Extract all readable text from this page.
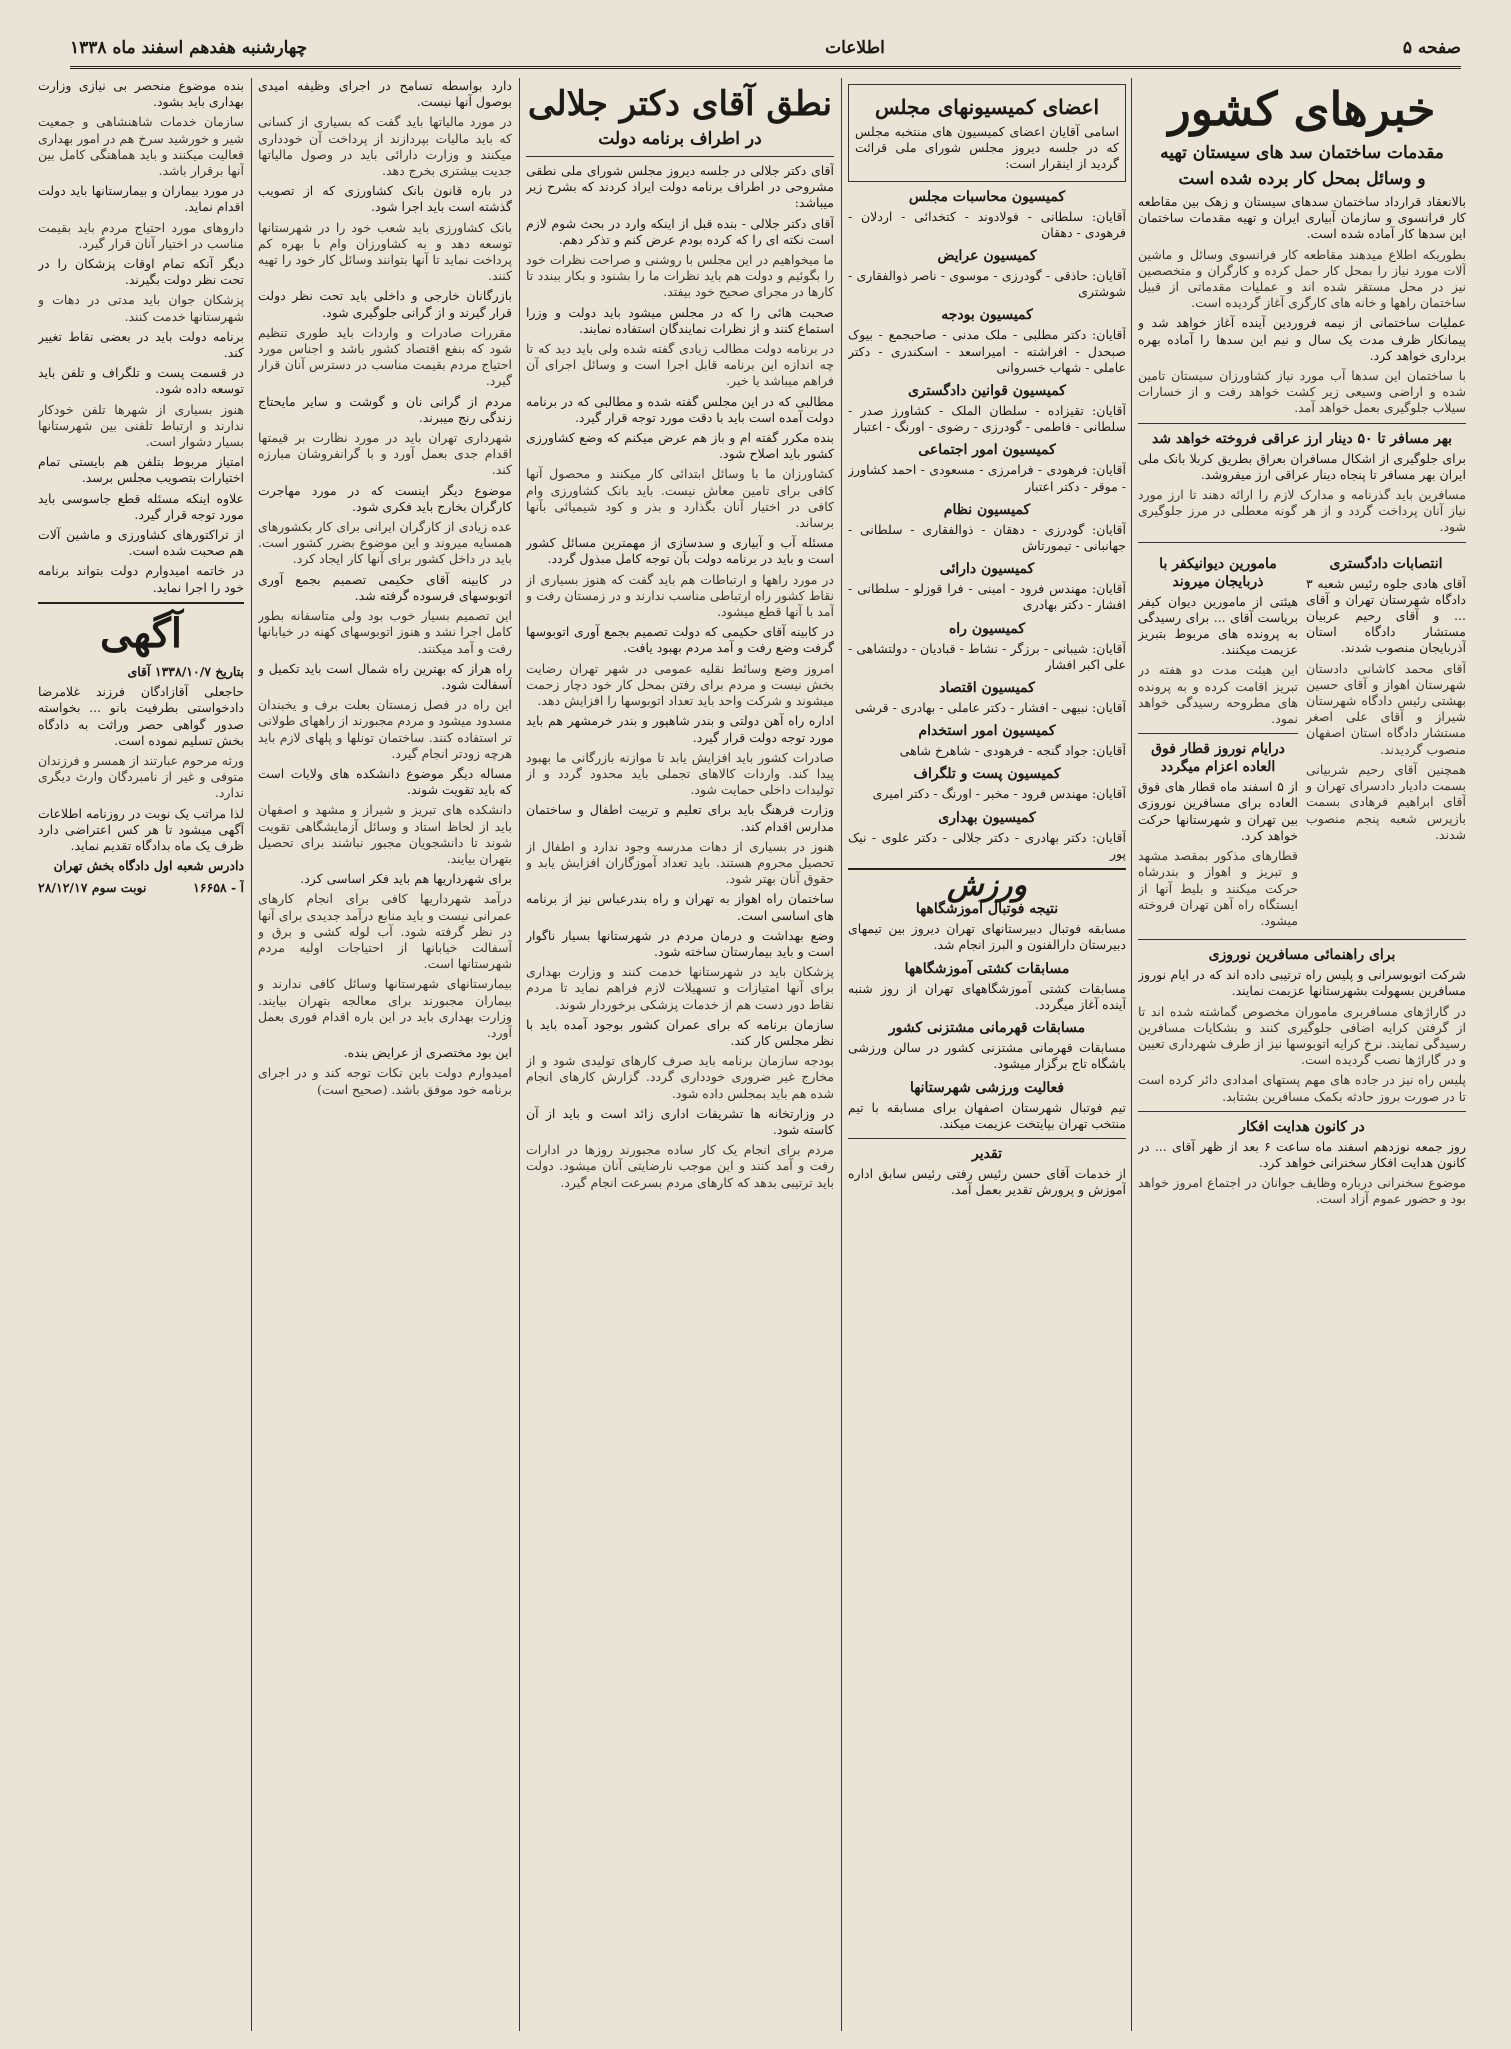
صفحه ۵
اطلاعات
چهارشنبه هفدهم اسفند ماه ۱۳۳۸
خبرهای کشور
مقدمات ساختمان سد های سیستان تهیه
و وسائل بمحل کار برده شده است

بالانعقاد قرارداد ساختمان سدهای سیستان و زهک بین مقاطعه کار فرانسوی و سازمان آبیاری ایران و تهیه مقدمات ساختمان این سدها کار آماده شده است.

بطوریکه اطلاع میدهند مقاطعه کار فرانسوی وسائل و ماشین آلات مورد نیاز را بمحل کار حمل کرده و کارگران و متخصصین نیز در محل مستقر شده اند و عملیات مقدماتی از قبیل ساختمان راهها و خانه های کارگری آغاز گردیده است.

عملیات ساختمانی از نیمه فروردین آینده آغاز خواهد شد و پیمانکار ظرف مدت یک سال و نیم این سدها را آماده بهره برداری خواهد کرد.

با ساختمان این سدها آب مورد نیاز کشاورزان سیستان تامین شده و اراضی وسیعی زیر کشت خواهد رفت و از خسارات سیلاب جلوگیری بعمل خواهد آمد.

بهر مسافر تا ۵۰ دینار ارز عراقی فروخته خواهد شد

برای جلوگیری از اشکال مسافران بعراق بطریق کربلا بانک ملی ایران بهر مسافر تا پنجاه دینار عراقی ارز میفروشد.

مسافرین باید گذرنامه و مدارک لازم را ارائه دهند تا ارز مورد نیاز آنان پرداخت گردد و از هر گونه معطلی در مرز جلوگیری شود.

انتصابات دادگستری

آقای هادی جلوه رئیس شعبه ۳ دادگاه شهرستان تهران و آقای ... و آقای رحیم عربیان مستشار دادگاه استان آذربایجان منصوب شدند.

آقای محمد کاشانی دادستان شهرستان اهواز و آقای حسین بهشتی رئیس دادگاه شهرستان شیراز و آقای علی اصغر مستشار دادگاه استان اصفهان منصوب گردیدند.

همچنین آقای رحیم شربیانی بسمت دادیار دادسرای تهران و آقای ابراهیم فرهادی بسمت بازپرس شعبه پنجم منصوب شدند.

مامورین دیوانیکفر با ذربایجان میروند

هیئتی از مامورین دیوان کیفر بریاست آقای ... برای رسیدگی به پرونده های مربوط بتبریز عزیمت میکنند.

این هیئت مدت دو هفته در تبریز اقامت کرده و به پرونده های مطروحه رسیدگی خواهد نمود.

درایام نوروز قطار فوق العاده اعزام میگردد

از ۵ اسفند ماه قطار های فوق العاده برای مسافرین نوروزی بین تهران و شهرستانها حرکت خواهد کرد.

قطارهای مذکور بمقصد مشهد و تبریز و اهواز و بندرشاه حرکت میکنند و بلیط آنها از ایستگاه راه آهن تهران فروخته میشود.

برای راهنمائی مسافرین نوروزی

شرکت اتوبوسرانی و پلیس راه ترتیبی داده اند که در ایام نوروز مسافرین بسهولت بشهرستانها عزیمت نمایند.

در گاراژهای مسافربری ماموران مخصوص گماشته شده اند تا از گرفتن کرایه اضافی جلوگیری کنند و بشکایات مسافرین رسیدگی نمایند. نرخ کرایه اتوبوسها نیز از طرف شهرداری تعیین و در گاراژها نصب گردیده است.

پلیس راه نیز در جاده های مهم پستهای امدادی دائر کرده است تا در صورت بروز حادثه بکمک مسافرین بشتابد.

در کانون هدایت افکار

روز جمعه نوزدهم اسفند ماه ساعت ۶ بعد از ظهر آقای ... در کانون هدایت افکار سخنرانی خواهد کرد.

موضوع سخنرانی درباره وظایف جوانان در اجتماع امروز خواهد بود و حضور عموم آزاد است.

اعضای کمیسیونهای مجلس

اسامی آقایان اعضای کمیسیون های منتخبه مجلس که در جلسه دیروز مجلس شورای ملی قرائت گردید از اینقرار است:

کمیسیون محاسبات مجلس

آقایان: سلطانی - فولادوند - کتخدائی - اردلان - فرهودی - دهقان

کمیسیون عرایض

آقایان: حاذقی - گودرزی - موسوی - ناصر ذوالفقاری - شوشتری

کمیسیون بودجه

آقایان: دکتر مطلبی - ملک مدنی - صاحبجمع - بیوک صبحدل - افراشته - امیراسعد - اسکندری - دکتر عاملی - شهاب خسروانی

کمیسیون قوانین دادگستری

آقایان: تقیزاده - سلطان الملک - کشاورز صدر - سلطانی - فاطمی - گودرزی - رضوی - اورنگ - اعتبار

کمیسیون امور اجتماعی

آقایان: فرهودی - فرامرزی - مسعودی - احمد کشاورز - موقر - دکتر اعتبار

کمیسیون نظام

آقایان: گودرزی - دهقان - ذوالفقاری - سلطانی - جهانبانی - تیمورتاش

کمیسیون دارائی

آقایان: مهندس فرود - امینی - فرا قوزلو - سلطانی - افشار - دکتر بهادری

کمیسیون راه

آقایان: شیبانی - برزگر - نشاط - قبادیان - دولتشاهی - علی اکبر افشار

کمیسیون اقتصاد

آقایان: نبیهی - افشار - دکتر عاملی - بهادری - قرشی

کمیسیون امور استخدام

آقایان: جواد گنجه - فرهودی - شاهرخ شاهی

کمیسیون پست و تلگراف

آقایان: مهندس فرود - مخبر - اورنگ - دکتر امیری

کمیسیون بهداری

آقایان: دکتر بهادری - دکتر جلالی - دکتر علوی - نیک پور

ورزش
نتیجه فوتبال آموزشگاهها

مسابقه فوتبال دبیرستانهای تهران دیروز بین تیمهای دبیرستان دارالفنون و البرز انجام شد.

مسابقات کشتی آموزشگاهها

مسابقات کشتی آموزشگاههای تهران از روز شنبه آینده آغاز میگردد.

مسابقات قهرمانی مشتزنی کشور

مسابقات قهرمانی مشتزنی کشور در سالن ورزشی باشگاه تاج برگزار میشود.

فعالیت ورزشی شهرستانها

تیم فوتبال شهرستان اصفهان برای مسابقه با تیم منتخب تهران بپایتخت عزیمت میکند.

تقدیر

از خدمات آقای حسن رئیس رفتی رئیس سابق اداره آموزش و پرورش تقدیر بعمل آمد.

نطق آقای دکتر جلالی
در اطراف برنامه دولت

آقای دکتر جلالی در جلسه دیروز مجلس شورای ملی نطقی مشروحی در اطراف برنامه دولت ایراد کردند که بشرح زیر میباشد:

آقای دکتر جلالی - بنده قبل از اینکه وارد در بحث شوم لازم است نکته ای را که کرده بودم عرض کنم و تذکر دهم.

ما میخواهیم در این مجلس با روشنی و صراحت نظرات خود را بگوئیم و دولت هم باید نظرات ما را بشنود و بکار ببندد تا کارها در مجرای صحیح خود بیفتد.

صحبت هائی را که در مجلس میشود باید دولت و وزرا استماع کنند و از نظرات نمایندگان استفاده نمایند.

در برنامه دولت مطالب زیادی گفته شده ولی باید دید که تا چه اندازه این برنامه قابل اجرا است و وسائل اجرای آن فراهم میباشد یا خیر.

مطالبی که در این مجلس گفته شده و مطالبی که در برنامه دولت آمده است باید با دقت مورد توجه قرار گیرد.

بنده مکرر گفته ام و باز هم عرض میکنم که وضع کشاورزی کشور باید اصلاح شود.

کشاورزان ما با وسائل ابتدائی کار میکنند و محصول آنها کافی برای تامین معاش نیست. باید بانک کشاورزی وام کافی در اختیار آنان بگذارد و بذر و کود شیمیائی بآنها برساند.

مسئله آب و آبیاری و سدسازی از مهمترین مسائل کشور است و باید در برنامه دولت بآن توجه کامل مبذول گردد.

در مورد راهها و ارتباطات هم باید گفت که هنوز بسیاری از نقاط کشور راه ارتباطی مناسب ندارند و در زمستان رفت و آمد با آنها قطع میشود.

در کابینه آقای حکیمی که دولت تصمیم بجمع آوری اتوبوسها گرفت وضع رفت و آمد مردم بهبود یافت.

امروز وضع وسائط نقلیه عمومی در شهر تهران رضایت بخش نیست و مردم برای رفتن بمحل کار خود دچار زحمت میشوند و شرکت واحد باید تعداد اتوبوسها را افزایش دهد.

اداره راه آهن دولتی و بندر شاهپور و بندر خرمشهر هم باید مورد توجه دولت قرار گیرد.

صادرات کشور باید افزایش یابد تا موازنه بازرگانی ما بهبود پیدا کند. واردات کالاهای تجملی باید محدود گردد و از تولیدات داخلی حمایت شود.

وزارت فرهنگ باید برای تعلیم و تربیت اطفال و ساختمان مدارس اقدام کند.

هنوز در بسیاری از دهات مدرسه وجود ندارد و اطفال از تحصیل محروم هستند. باید تعداد آموزگاران افزایش یابد و حقوق آنان بهتر شود.

ساختمان راه اهواز به تهران و راه بندرعباس نیز از برنامه های اساسی است.

وضع بهداشت و درمان مردم در شهرستانها بسیار ناگوار است و باید بیمارستان ساخته شود.

پزشکان باید در شهرستانها خدمت کنند و وزارت بهداری برای آنها امتیازات و تسهیلات لازم فراهم نماید تا مردم نقاط دور دست هم از خدمات پزشکی برخوردار شوند.

سازمان برنامه که برای عمران کشور بوجود آمده باید با نظر مجلس کار کند.

بودجه سازمان برنامه باید صرف کارهای تولیدی شود و از مخارج غیر ضروری خودداری گردد. گزارش کارهای انجام شده هم باید بمجلس داده شود.

در وزارتخانه ها تشریفات اداری زائد است و باید از آن کاسته شود.

مردم برای انجام یک کار ساده مجبورند روزها در ادارات رفت و آمد کنند و این موجب نارضایتی آنان میشود. دولت باید ترتیبی بدهد که کارهای مردم بسرعت انجام گیرد.

دارد بواسطه تسامح در اجرای وظیفه امیدی بوصول آنها نیست.

در مورد مالیاتها باید گفت که بسیاری از کسانی که باید مالیات بپردازند از پرداخت آن خودداری میکنند و وزارت دارائی باید در وصول مالیاتها جدیت بیشتری بخرج دهد.

در باره قانون بانک کشاورزی که از تصویب گذشته است باید اجرا شود.

بانک کشاورزی باید شعب خود را در شهرستانها توسعه دهد و به کشاورزان وام با بهره کم پرداخت نماید تا آنها بتوانند وسائل کار خود را تهیه کنند.

بازرگانان خارجی و داخلی باید تحت نظر دولت قرار گیرند و از گرانی جلوگیری شود.

مقررات صادرات و واردات باید طوری تنظیم شود که بنفع اقتصاد کشور باشد و اجناس مورد احتیاج مردم بقیمت مناسب در دسترس آنان قرار گیرد.

مردم از گرانی نان و گوشت و سایر مایحتاج زندگی رنج میبرند.

شهرداری تهران باید در مورد نظارت بر قیمتها اقدام جدی بعمل آورد و با گرانفروشان مبارزه کند.

موضوع دیگر اینست که در مورد مهاجرت کارگران بخارج باید فکری شود.

عده زیادی از کارگران ایرانی برای کار بکشورهای همسایه میروند و این موضوع بضرر کشور است. باید در داخل کشور برای آنها کار ایجاد کرد.

در کابینه آقای حکیمی تصمیم بجمع آوری اتوبوسهای فرسوده گرفته شد.

این تصمیم بسیار خوب بود ولی متاسفانه بطور کامل اجرا نشد و هنوز اتوبوسهای کهنه در خیابانها رفت و آمد میکنند.

راه هراز که بهترین راه شمال است باید تکمیل و آسفالت شود.

این راه در فصل زمستان بعلت برف و یخبندان مسدود میشود و مردم مجبورند از راههای طولانی تر استفاده کنند. ساختمان تونلها و پلهای لازم باید هرچه زودتر انجام گیرد.

مساله دیگر موضوع دانشکده های ولایات است که باید تقویت شوند.

دانشکده های تبریز و شیراز و مشهد و اصفهان باید از لحاظ استاد و وسائل آزمایشگاهی تقویت شوند تا دانشجویان مجبور نباشند برای تحصیل بتهران بیایند.

برای شهرداریها هم باید فکر اساسی کرد.

درآمد شهرداریها کافی برای انجام کارهای عمرانی نیست و باید منابع درآمد جدیدی برای آنها در نظر گرفته شود. آب لوله کشی و برق و آسفالت خیابانها از احتیاجات اولیه مردم شهرستانها است.

بیمارستانهای شهرستانها وسائل کافی ندارند و بیماران مجبورند برای معالجه بتهران بیایند. وزارت بهداری باید در این باره اقدام فوری بعمل آورد.

این بود مختصری از عرایض بنده.

امیدوارم دولت باین نکات توجه کند و در اجرای برنامه خود موفق باشد. (صحیح است)

بنده موضوع منحصر بی نیازی وزارت بهداری باید بشود.

سازمان خدمات شاهنشاهی و جمعیت شیر و خورشید سرخ هم در امور بهداری فعالیت میکنند و باید هماهنگی کامل بین آنها برقرار باشد.

در مورد بیماران و بیمارستانها باید دولت اقدام نماید.

داروهای مورد احتیاج مردم باید بقیمت مناسب در اختیار آنان قرار گیرد.

دیگر آنکه تمام اوقات پزشکان را در تحت نظر دولت بگیرند.

پزشکان جوان باید مدتی در دهات و شهرستانها خدمت کنند.

برنامه دولت باید در بعضی نقاط تغییر کند.

در قسمت پست و تلگراف و تلفن باید توسعه داده شود.

هنوز بسیاری از شهرها تلفن خودکار ندارند و ارتباط تلفنی بین شهرستانها بسیار دشوار است.

امتیاز مربوط بتلفن هم بایستی تمام اختیارات بتصویب مجلس برسد.

علاوه اینکه مسئله قطع جاسوسی باید مورد توجه قرار گیرد.

از تراکتورهای کشاورزی و ماشین آلات هم صحبت شده است.

در خاتمه امیدوارم دولت بتواند برنامه خود را اجرا نماید.

آگهی

بتاریخ ۱۳۳۸/۱۰/۷ آقای

حاجعلی آقازادگان فرزند غلامرضا دادخواستی بطرفیت بانو ... بخواسته صدور گواهی حصر وراثت به دادگاه بخش تسلیم نموده است.

ورثه مرحوم عبارتند از همسر و فرزندان متوفی و غیر از نامبردگان وارث دیگری ندارد.

لذا مراتب یک نوبت در روزنامه اطلاعات آگهی میشود تا هر کس اعتراضی دارد ظرف یک ماه بدادگاه تقدیم نماید.

دادرس شعبه اول دادگاه بخش تهران

آ - ۱۶۶۵۸
نوبت سوم ۲۸/۱۲/۱۷
